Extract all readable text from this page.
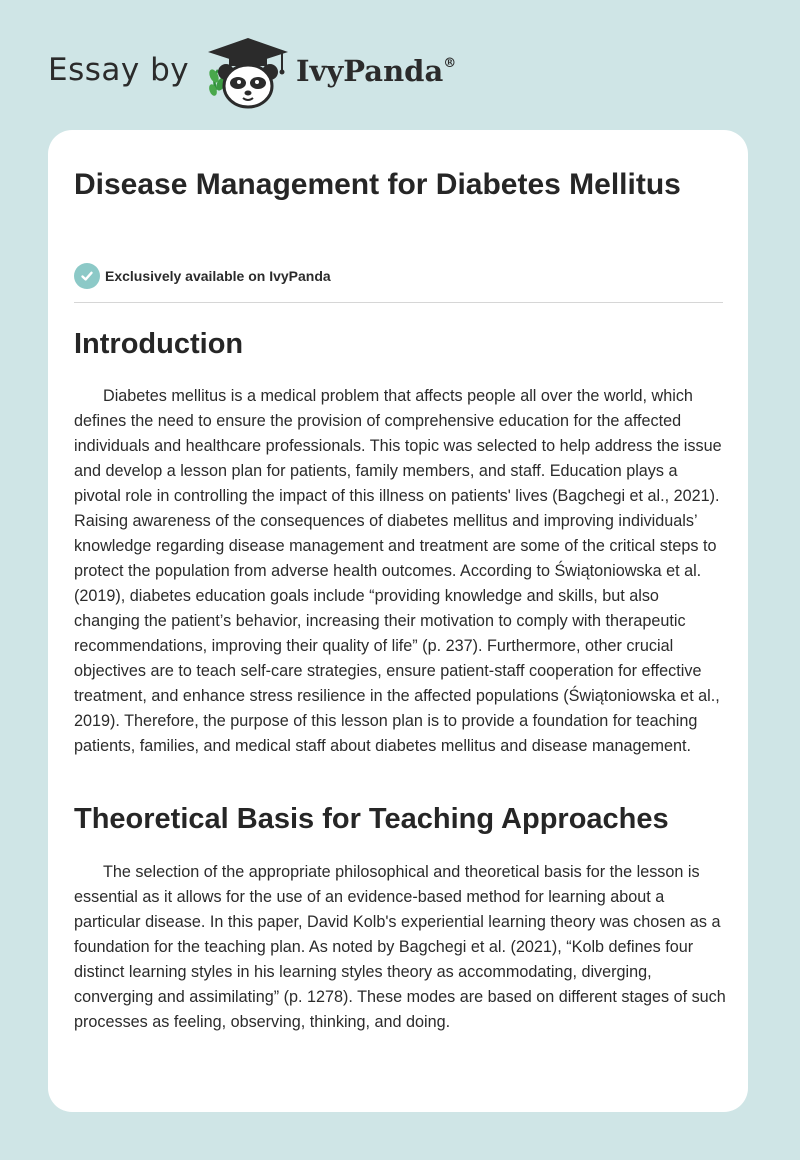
Essay by	IvyPanda®
Disease Management for Diabetes Mellitus
Exclusively available on IvyPanda
Introduction

Diabetes mellitus is a medical problem that affects people all over the world, which defines the need to ensure the provision of comprehensive education for the affected individuals and healthcare professionals. This topic was selected to help address the issue and develop a lesson plan for patients, family members, and staff. Education plays a pivotal role in controlling the impact of this illness on patients' lives (Bagchegi et al., 2021). Raising awareness of the consequences of diabetes mellitus and improving individuals’ knowledge regarding disease management and treatment are some of the critical steps to protect the population from adverse health outcomes. According to Świątoniowska et al. (2019), diabetes education goals include “providing knowledge and skills, but also changing the patient’s behavior, increasing their motivation to comply with therapeutic recommendations, improving their quality of life” (p. 237). Furthermore, other crucial objectives are to teach self-care strategies, ensure patient-staff cooperation for effective treatment, and enhance stress resilience in the affected populations (Świątoniowska et al., 2019). Therefore, the purpose of this lesson plan is to provide a foundation for teaching patients, families, and medical staff about diabetes mellitus and disease management.

Theoretical Basis for Teaching Approaches

The selection of the appropriate philosophical and theoretical basis for the lesson is essential as it allows for the use of an evidence-based method for learning about a particular disease. In this paper, David Kolb's experiential learning theory was chosen as a foundation for the teaching plan. As noted by Bagchegi et al. (2021), “Kolb defines four distinct learning styles in his learning styles theory as accommodating, diverging, converging and assimilating” (p. 1278). These modes are based on different stages of such processes as feeling, observing, thinking, and doing.
